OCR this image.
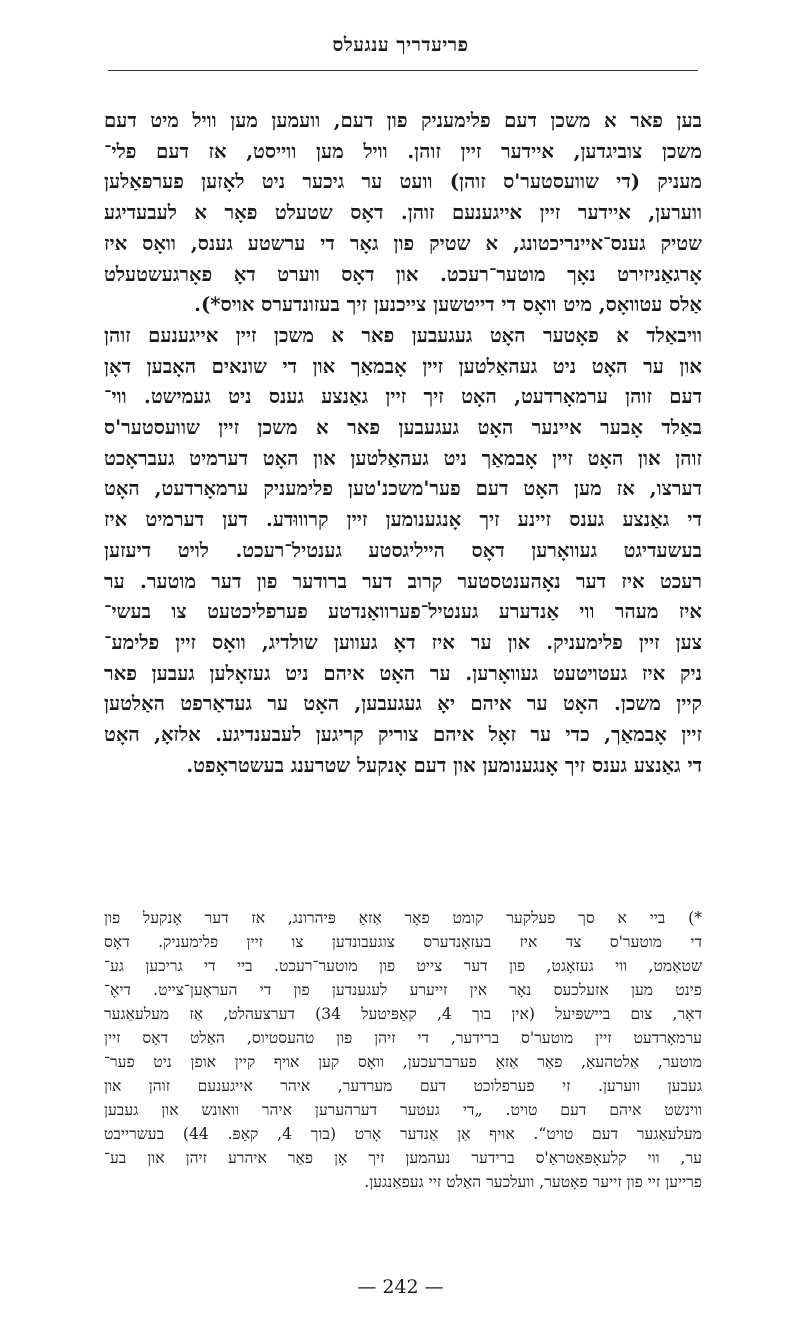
פריעדריך ענגעלס
בען פאר א משכן דעם פלימעניק פון דעם, וועמען מען וויל מיט דעם
משכן צוביגדען, איידער זיין זוהן. וויל מען ווייסט, אז דעם פלי־
מעניק (די שוועסטער'ס זוהן) וועט ער גיכער ניט לאָזען פערפאַלען
ווערען, איידער זיין אייגענעם זוהן. דאָס שטעלט פאָר א לעבעדיגע
שטיק גענס־איינריכטונג, א שטיק פון גאָר די ערשטע גענס, וואָס איז
אָרגאַניזירט נאָך מוטער־רעכט. און דאָס ווערט דאָ פאָרגעשטעלט
אַלס עטוואָס, מיט וואָס די דייטשען צייכנען זיך בעזונדערס אויס*).
וויבאַלד א פאָטער האָט געגעבען פאר א משכן זיין אייגענעם זוהן
און ער האָט ניט געהאַלטען זיין אָבמאַך און די שונאים האָבען דאָן
דעם זוהן ערמאָרדעט, האָט זיך זיין גאַנצע גענס ניט געמישט. ווי־
באַלד אָבער איינער האָט געגעבען פאר א משכן זיין שוועסטער'ס
זוהן און האָט זיין אָבמאַך ניט געהאַלטען און האָט דערמיט געבראָכט
דערצו, אז מען האָט דעם פער'משכנ'טען פלימעניק ערמאָרדעט, האָט
די גאַנצע גענס זיינע זיך אָנגענומען זיין קרוווּדע. דען דערמיט איז
בעשעדיגט געוואָרען דאָס הייליגסטע גענטיל־רעכט. לויט דיעזען
רעכט איז דער נאָהענטסטער קרוב דער ברודער פון דער מוטער. ער
איז מעהר ווי אַנדערע גענטיל־פערוואַנדטע פערפליכטעט צו בעשי־
צען זיין פלימעניק. און ער איז דאָ געווען שולדיג, וואָס זיין פלימע־
ניק איז געטויטעט געוואָרען. ער האָט איהם ניט געזאָלען געבען פאר
קיין משכן. האָט ער איהם יאָ געגעבען, האָט ער געדאַרפט האַלטען
זיין אָבמאַך, כדי ער זאָל איהם צוריק קריגען לעבענדיגע. אלזאָ, האָט
די גאַנצע גענס זיך אָנגענומען און דעם אָנקעל שטרענג בעשטראָפט.
*) ביי א סך פעלקער קומט פאָר אַזאַ פּיהרונג, אז דער אָנקעל פון
די מוטער'ס צד איז בעזאָנדערס צוגעבונדען צו זיין פלימעניק. דאָס
שטאַמט, ווי געזאָגט, פון דער צייט פון מוטער־רעכט. ביי די גריכען גע־
פינט מען אזעלכעס נאָר אין זייערע לעגענדען פון די העראָען־צייט. דיאָ־
דאָר, צום ביישפּיעל (אין בוך 4, קאַפּיטעל 34) דערצעהלט, אַז מעלעאַגער
ערמאָרדעט זיין מוטער'ס ברידער, די זיהן פון טהעסטיוס, האַלט דאָס זיין
מוטער, אַלטהעאַ, פאַר אַזאַ פערברעכען, וואָס קען אויף קיין אופן ניט פער־
געבען ווערען. זי פערפלוכט דעם מערדער, איהר אייגענעם זוהן און
ווינשט איהם דעם טויט. „די געטער דערהערען איהר וואונש און געבען
מעלעאַגער דעם טויט“. אויף אַן אַנדער אָרט (בוך 4, קאַפּ. 44) בעשרייבט
ער, ווי קלעאָפּאַטראַ'ס ברידער נעהמען זיך אָן פאַר איהרע זיהן און בע־
פרייען זיי פון זייער פאָטער, וועלכער האַלט זיי געפאַנגען.
— 242 —
